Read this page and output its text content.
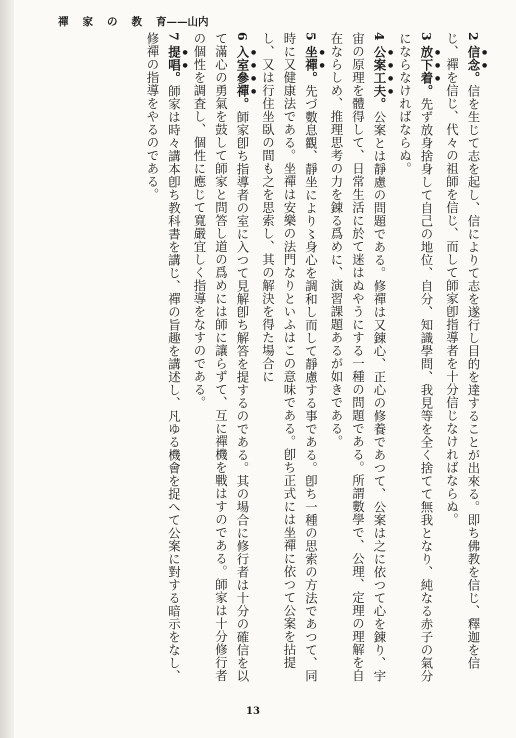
禪 家 の 教 育——山内

2 信念。信を生じて志を起し、信によりて志を遂行し目的を達することが出來る。即ち佛教を信じ、釋迦を信じ、禪を信じ、代々の祖師を信じ、而して師家卽指導者を十分信じなければならぬ。

3 放下着。先ず放身捨身して自己の地位、自分、知識學問、我見等を全く捨てて無我となり、純なる赤子の氣分にならなければならぬ。

4 公案工夫。公案とは靜慮の問題である。修禪は又錬心、正心の修養であつて、公案は之に依つて心を錬り、宇宙の原理を體得して、日常生活に於て迷はぬやうにする一種の問題である。所謂數學で、公理、定理の理解を自在ならしめ、推理思考の力を錬る爲めに、演習課題あるが如きである。

5 坐禪。先づ數息觀、靜坐により〻身心を調和し而して靜慮する事である。卽ち一種の思索の方法であつて、同時に又健康法である。坐禪は安樂の法門なりといふはこの意味である。卽ち正式には坐禪に依つて公案を拈提し、又は行住坐臥の間も之を思索し、其の解決を得た場合に

6 入室參禪。師家卽ち指導者の室に入つて見解卽ち解答を提するのである。其の場合に修行者は十分の確信を以て滿心の勇氣を鼓して師家と問答し道の爲めには師に讓らずて、互に禪機を戰はすのである。師家は十分修行者の個性を調査し、個性に應じて寬嚴宜しく指導をなすのである。

7 提唱。師家は時々講本卽ち教科書を講じ、禪の旨趣を講述し、凡ゆる機會を捉へて公案に對する暗示をなし、修禪の指導をやるのである。

13
